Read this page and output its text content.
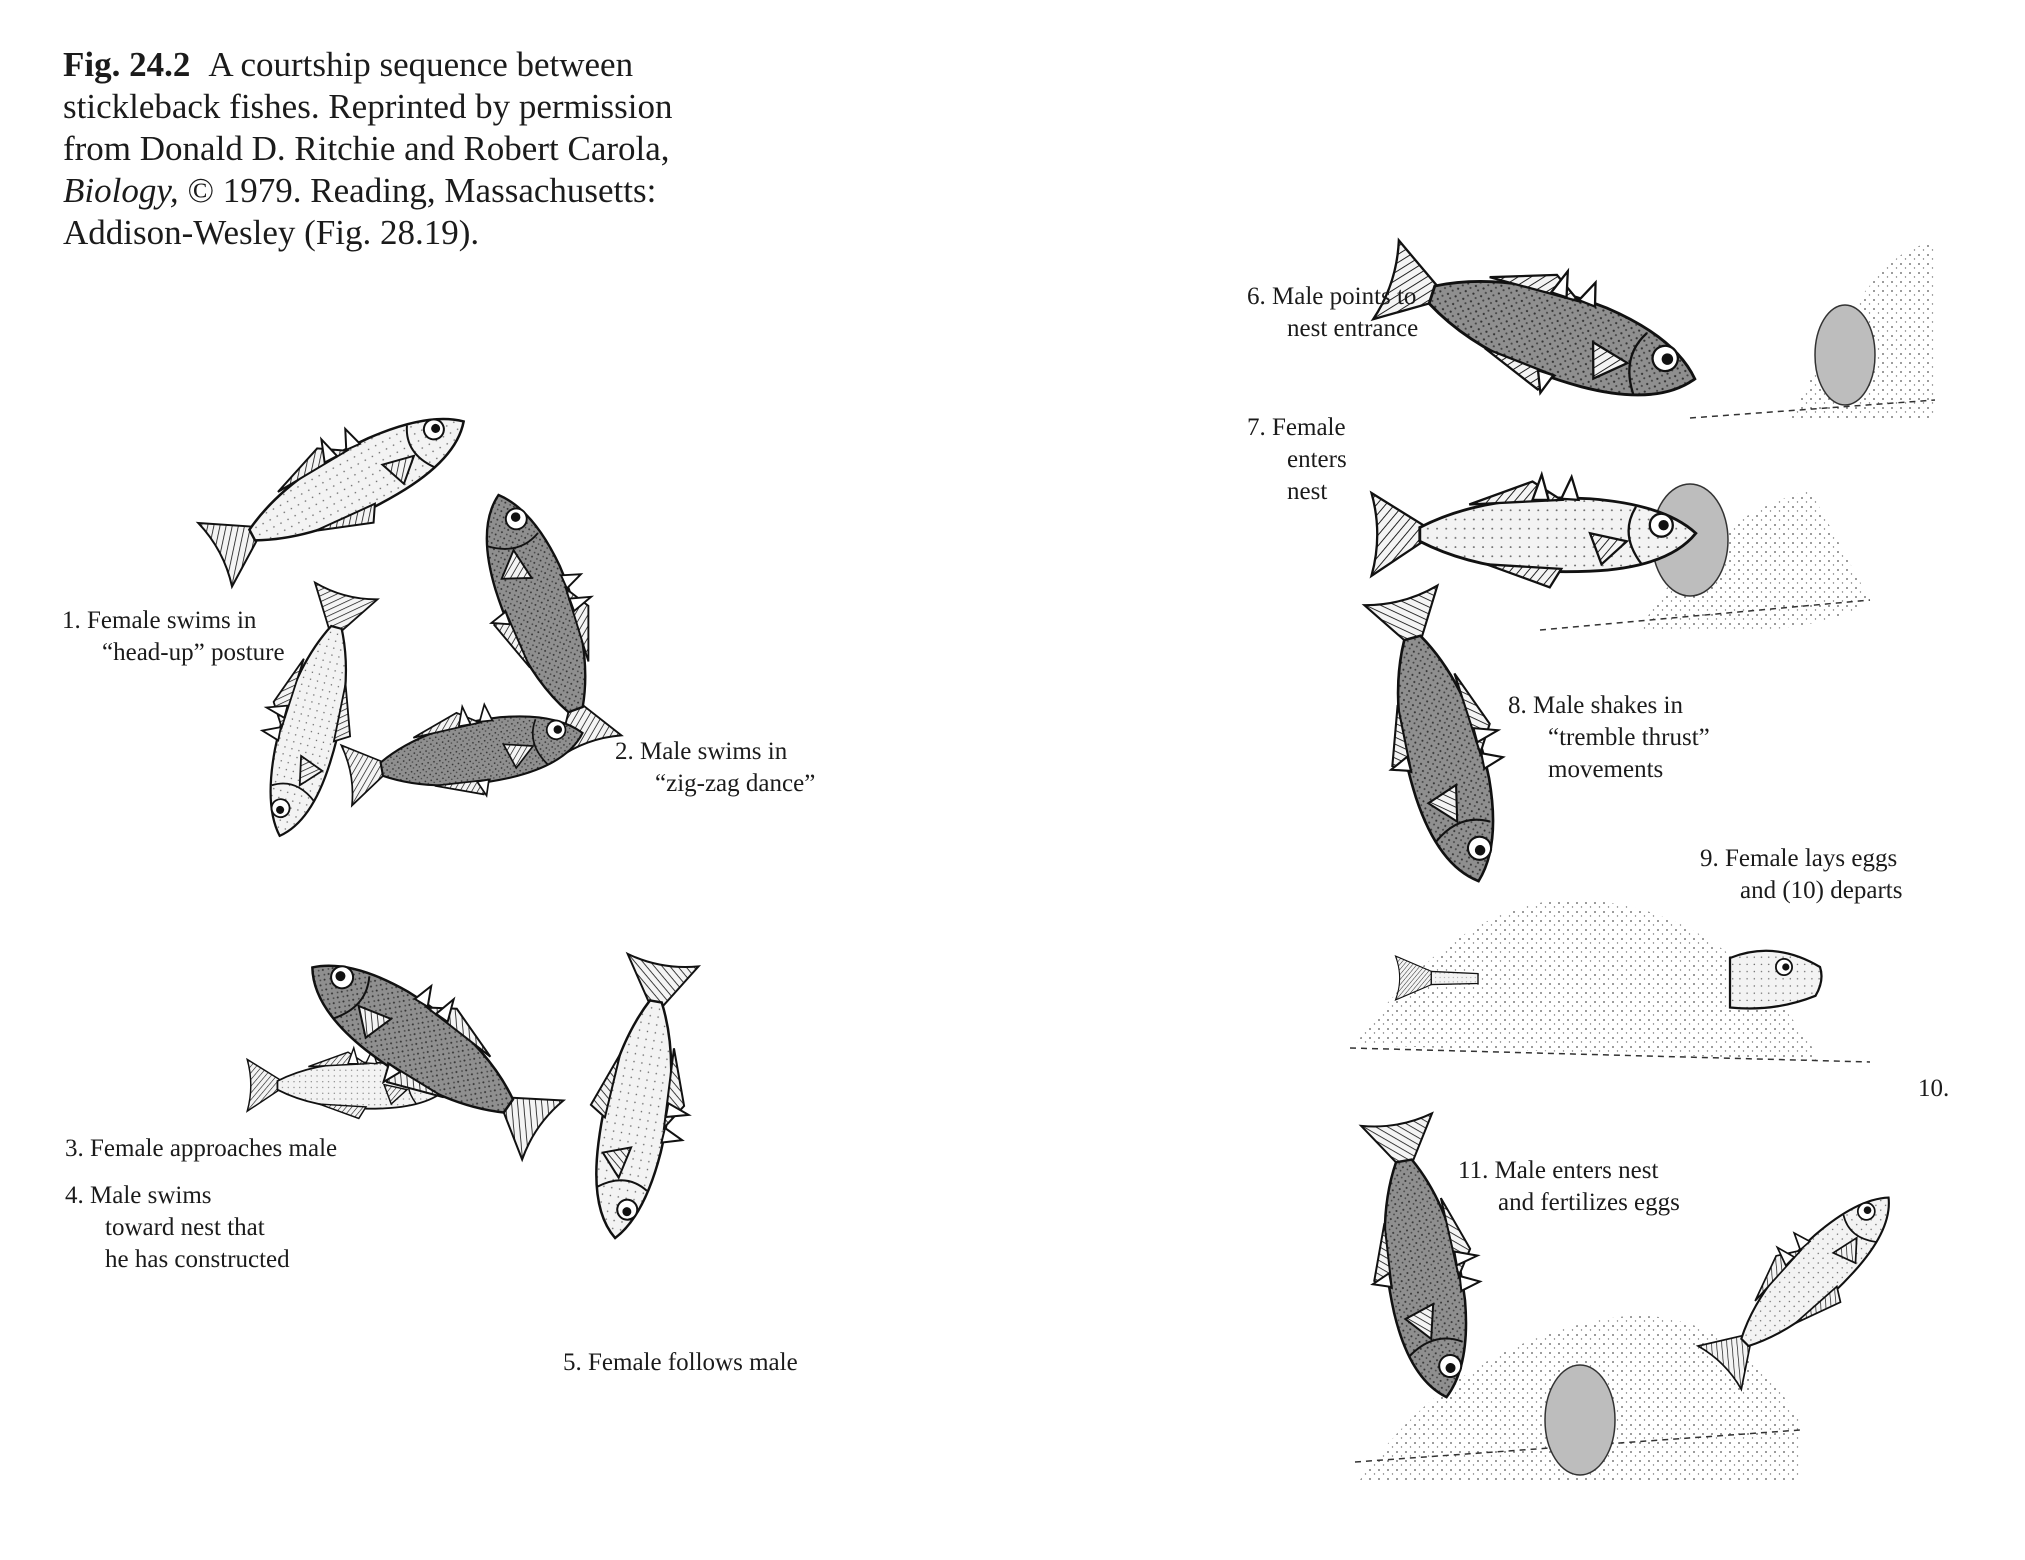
Fig. 24.2 A courtship sequence between
stickleback fishes. Reprinted by permission
from Donald D. Ritchie and Robert Carola,
Biology, © 1979. Reading, Massachusetts:
Addison-Wesley (Fig. 28.19).
1. Female swims in
“head-up” posture
2. Male swims in
“zig-zag dance”
3. Female approaches male
4. Male swims
toward nest that
he has constructed
5. Female follows male
6. Male points to
nest entrance
7. Female
enters
nest
8. Male shakes in
“tremble thrust”
movements
9. Female lays eggs
and (10) departs
10.
11. Male enters nest
and fertilizes eggs
